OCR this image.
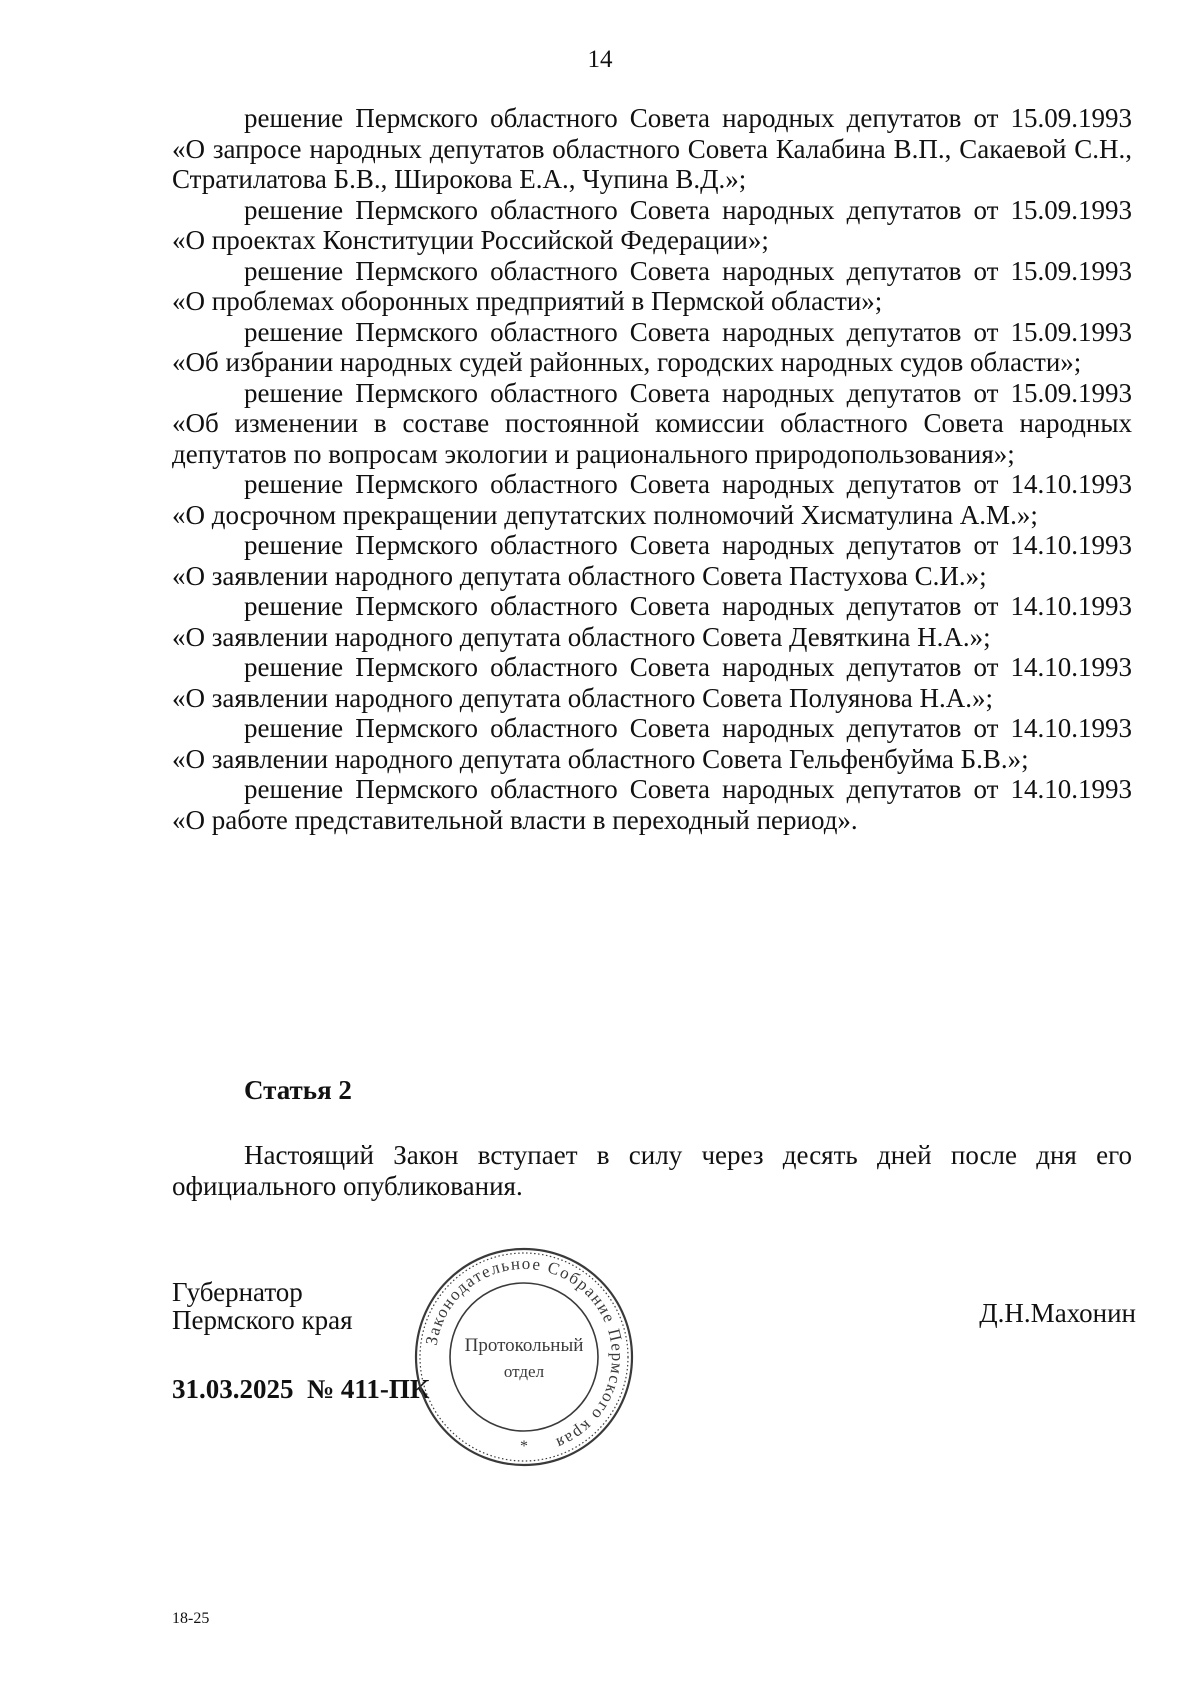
14

решение Пермского областного Совета народных депутатов от 15.09.1993 «О запросе народных депутатов областного Совета Калабина В.П., Сакаевой С.Н., Стратилатова Б.В., Широкова Е.А., Чупина В.Д.»;

решение Пермского областного Совета народных депутатов от 15.09.1993 «О проектах Конституции Российской Федерации»;

решение Пермского областного Совета народных депутатов от 15.09.1993 «О проблемах оборонных предприятий в Пермской области»;

решение Пермского областного Совета народных депутатов от 15.09.1993 «Об избрании народных судей районных, городских народных судов области»;

решение Пермского областного Совета народных депутатов от 15.09.1993 «Об изменении в составе постоянной комиссии областного Совета народных депутатов по вопросам экологии и рационального природопользования»;

решение Пермского областного Совета народных депутатов от 14.10.1993 «О досрочном прекращении депутатских полномочий Хисматулина А.М.»;

решение Пермского областного Совета народных депутатов от 14.10.1993 «О заявлении народного депутата областного Совета Пастухова С.И.»;

решение Пермского областного Совета народных депутатов от 14.10.1993 «О заявлении народного депутата областного Совета Девяткина Н.А.»;

решение Пермского областного Совета народных депутатов от 14.10.1993 «О заявлении народного депутата областного Совета Полуянова Н.А.»;

решение Пермского областного Совета народных депутатов от 14.10.1993 «О заявлении народного депутата областного Совета Гельфенбуйма Б.В.»;

решение Пермского областного Совета народных депутатов от 14.10.1993 «О работе представительной власти в переходный период».

Статья 2

Настоящий Закон вступает в силу через десять дней после дня его официального опубликования.

Губернатор
Пермского края	Д.Н.Махонин
31.03.2025  № 411-ПК
Законодательное Собрание Пермского края
*
Протокольный
отдел
18-25
